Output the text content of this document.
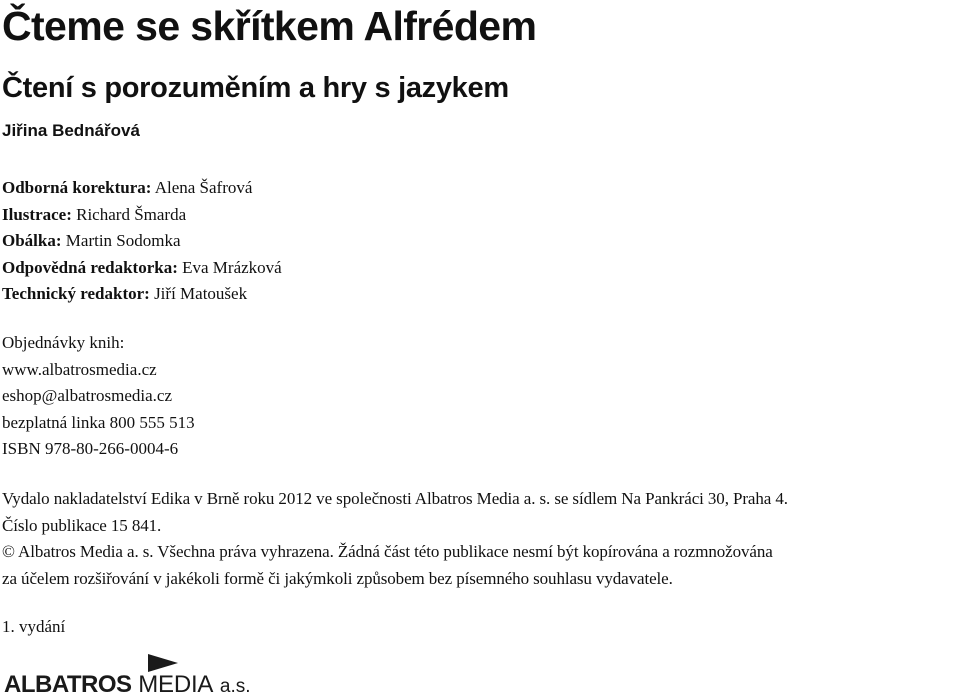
Čteme se skřítkem Alfrédem
Čtení s porozuměním a hry s jazykem
Jiřina Bednářová
Odborná korektura: Alena Šafrová
Ilustrace: Richard Šmarda
Obálka: Martin Sodomka
Odpovědná redaktorka: Eva Mrázková
Technický redaktor: Jiří Matoušek
Objednávky knih:
www.albatrosmedia.cz
eshop@albatrosmedia.cz
bezplatná linka 800 555 513
ISBN 978-80-266-0004-6
Vydalo nakladatelství Edika v Brně roku 2012 ve společnosti Albatros Media a. s. se sídlem Na Pankráci 30, Praha 4.
Číslo publikace 15 841.
© Albatros Media a. s. Všechna práva vyhrazena. Žádná část této publikace nesmí být kopírována a rozmnožována
za účelem rozšiřování v jakékoli formě či jakýmkoli způsobem bez písemného souhlasu vydavatele.
1. vydání
ALBATROS MEDIA a.s.
